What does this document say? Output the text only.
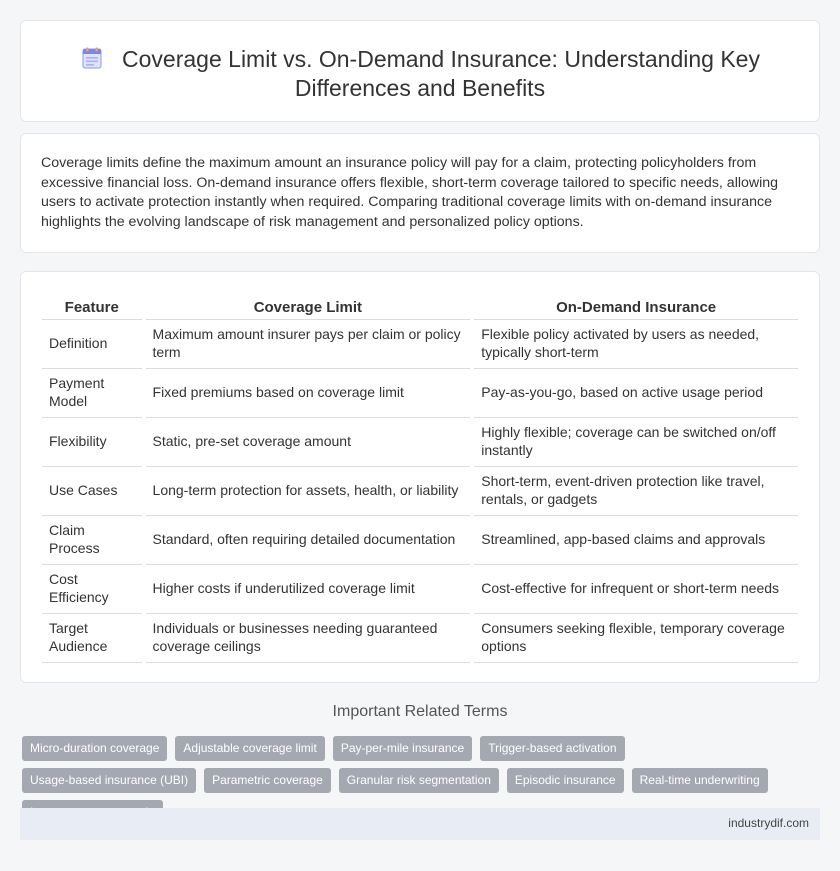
Coverage Limit vs. On-Demand Insurance: Understanding Key Differences and Benefits

Coverage limits define the maximum amount an insurance policy will pay for a claim, protecting policyholders from excessive financial loss. On-demand insurance offers flexible, short-term coverage tailored to specific needs, allowing users to activate protection instantly when required. Comparing traditional coverage limits with on-demand insurance highlights the evolving landscape of risk management and personalized policy options.

Feature		Coverage Limit		On-Demand Insurance
Definition		Maximum amount insurer pays per claim or policy term		Flexible policy activated by users as needed, typically short-term
Payment Model		Fixed premiums based on coverage limit		Pay-as-you-go, based on active usage period
Flexibility		Static, pre-set coverage amount		Highly flexible; coverage can be switched on/off instantly
Use Cases		Long-term protection for assets, health, or liability		Short-term, event-driven protection like travel, rentals, or gadgets
Claim Process		Standard, often requiring detailed documentation		Streamlined, app-based claims and approvals
Cost Efficiency		Higher costs if underutilized coverage limit		Cost-effective for infrequent or short-term needs
Target Audience		Individuals or businesses needing guaranteed coverage ceilings		Consumers seeking flexible, temporary coverage options
Important Related Terms
Micro-duration coverage	Adjustable coverage limit	Pay-per-mile insurance	Trigger-based activation
Usage-based insurance (UBI)	Parametric coverage	Granular risk segmentation	Episodic insurance	Real-time underwriting
industrydif.com
